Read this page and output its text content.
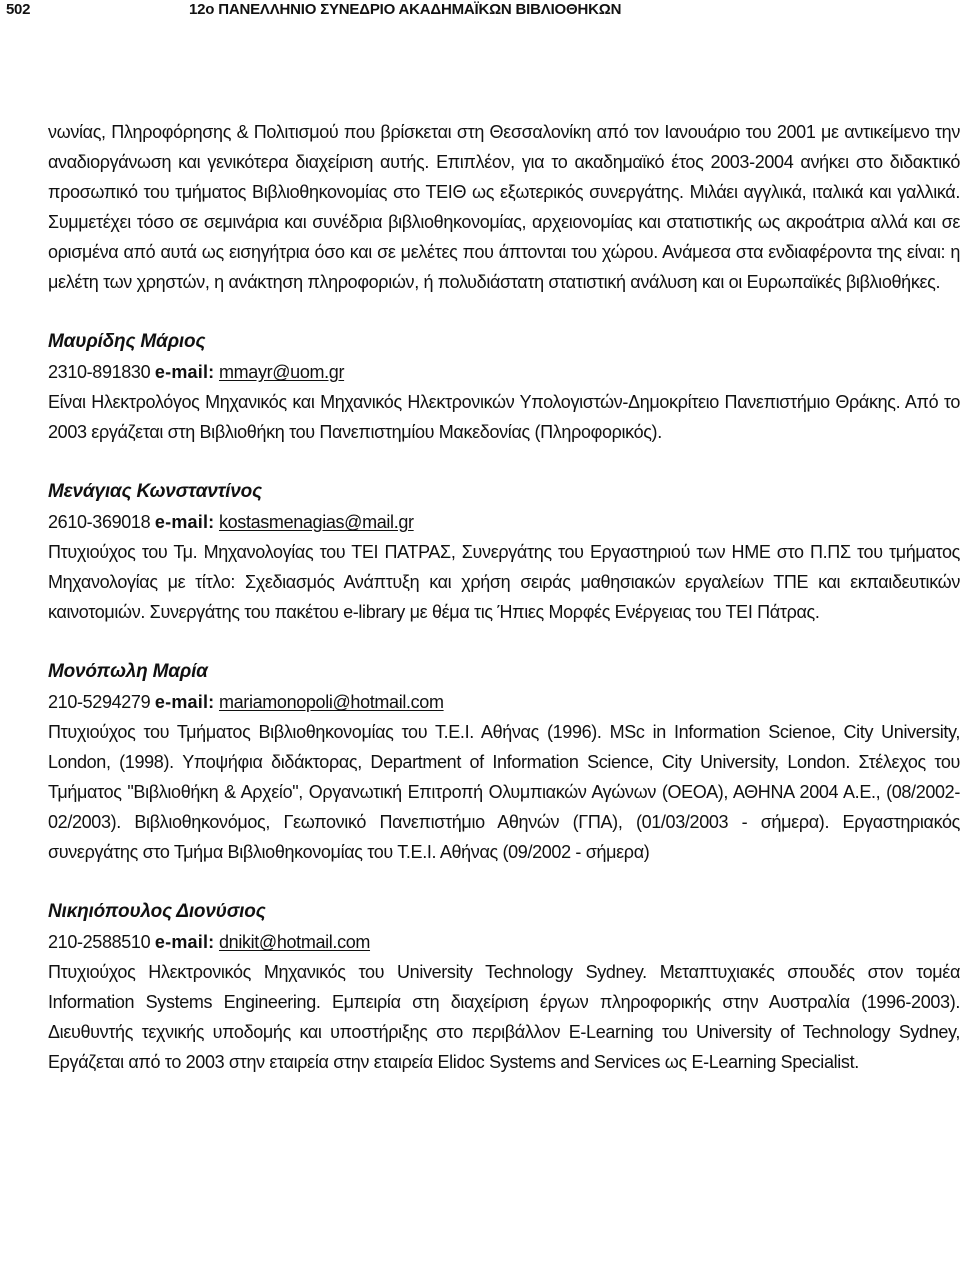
502	12ο ΠΑΝΕΛΛΗΝΙΟ ΣΥΝΕΔΡΙΟ ΑΚΑΔΗΜΑΪΚΩΝ ΒΙΒΛΙΟΘΗΚΩΝ

νωνίας, Πληροφόρησης & Πολιτισμού που βρίσκεται στη Θεσσαλονίκη από τον Ιανουάριο του 2001 με αντικείμενο την αναδιοργάνωση και γενικότερα διαχείριση αυτής. Επιπλέον, για το ακαδημαϊκό έτος 2003-2004 ανήκει στο διδακτικό προσωπικό του τμήματος Βιβλιοθηκονομίας στο ΤΕΙΘ ως εξωτερικός συνεργάτης. Μιλάει αγγλικά, ιταλικά και γαλλικά. Συμμετέχει τόσο σε σεμινάρια και συνέδρια βιβλιοθηκονομίας, αρχειονομίας και στατιστικής ως ακροάτρια αλλά και σε ορισμένα από αυτά ως εισηγήτρια όσο και σε μελέτες που άπτονται του χώρου. Ανάμεσα στα ενδιαφέροντα της είναι: η μελέτη των χρηστών, η ανάκτηση πληροφοριών, ή πολυδιάστατη στατιστική ανάλυση και οι Ευρωπαϊκές βιβλιοθήκες.

Μαυρίδης Μάριος

2310-891830 e-mail: mmayr@uom.gr

Είναι Ηλεκτρολόγος Μηχανικός και Μηχανικός Ηλεκτρονικών Υπολογιστών-Δημοκρίτειο Πανεπιστήμιο Θράκης. Από το 2003 εργάζεται στη Βιβλιοθήκη του Πανεπιστημίου Μακεδονίας (Πληροφορικός).

Μενάγιας Κωνσταντίνος

2610-369018 e-mail: kostasmenagias@mail.gr

Πτυχιούχος του Τμ. Μηχανολογίας του ΤΕΙ ΠΑΤΡΑΣ, Συνεργάτης του Εργαστηριού των ΗΜΕ στο Π.ΠΣ του τμήματος Μηχανολογίας με τίτλο: Σχεδιασμός Ανάπτυξη και χρήση σειράς μαθησιακών εργαλείων ΤΠΕ και εκπαιδευτικών καινοτομιών. Συνεργάτης του πακέτου e-library με θέμα τις Ήπιες Μορφές Ενέργειας του ΤΕΙ Πάτρας.

Μονόπωλη Μαρία

210-5294279 e-mail: mariamonopoli@hotmail.com

Πτυχιούχος του Τμήματος Βιβλιοθηκονομίας του Τ.Ε.Ι. Αθήνας (1996). MSc in Information Scienoe, City University, London, (1998). Υποψήφια διδάκτορας, Department of Information Science, City University, London. Στέλεχος του Τμήματος "Βιβλιοθήκη & Αρχείο", Οργανωτική Επιτροπή Ολυμπιακών Αγώνων (ΟΕΟΑ), ΑΘΗΝΑ 2004 Α.Ε., (08/2002-02/2003). Βιβλιοθηκονόμος, Γεωπονικό Πανεπιστήμιο Αθηνών (ΓΠΑ), (01/03/2003 - σήμερα). Εργαστηριακός συνεργάτης στο Τμήμα Βιβλιοθηκονομίας του Τ.Ε.Ι. Αθήνας (09/2002 - σήμερα)

Νικηιόπουλος Διονύσιος

210-2588510 e-mail: dnikit@hotmail.com

Πτυχιούχος Ηλεκτρονικός Μηχανικός του University Technology Sydney. Μεταπτυχιακές σπουδές στον τομέα Information Systems Engineering. Εμπειρία στη διαχείριση έργων πληροφορικής στην Αυστραλία (1996-2003). Διευθυντής τεχνικής υποδομής και υποστήριξης στο περιβάλλον E-Learning του University of Technology Sydney, Εργάζεται από το 2003 στην εταιρεία στην εταιρεία Elidoc Systems and Services ως E-Learning Specialist.
